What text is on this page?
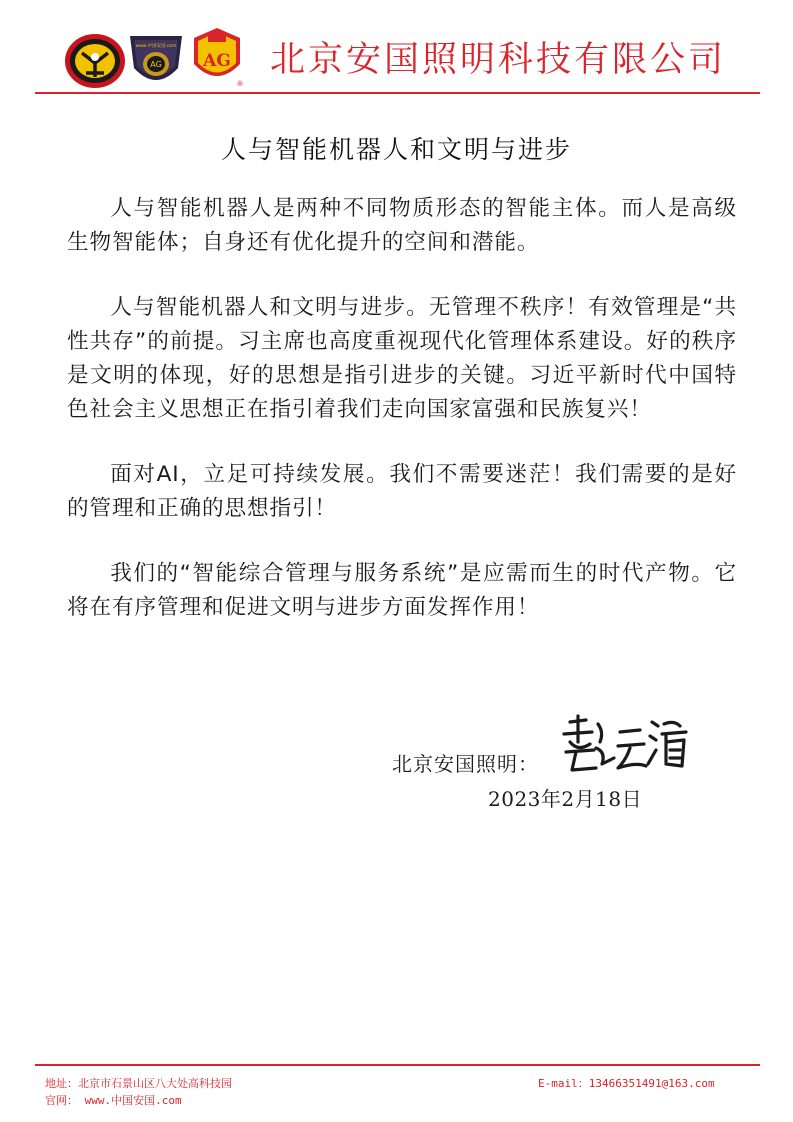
www.中国安国.com
AG AG
®
北京安国照明科技有限公司
人与智能机器人和文明与进步

人与智能机器人是两种不同物质形态的智能主体。而人是高级生物智能体；自身还有优化提升的空间和潜能。

人与智能机器人和文明与进步。无管理不秩序！有效管理是“共性共存”的前提。习主席也高度重视现代化管理体系建设。好的秩序是文明的体现，好的思想是指引进步的关键。习近平新时代中国特色社会主义思想正在指引着我们走向国家富强和民族复兴！

面对AI，立足可持续发展。我们不需要迷茫！我们需要的是好的管理和正确的思想指引！

我们的“智能综合管理与服务系统”是应需而生的时代产物。它将在有序管理和促进文明与进步方面发挥作用！

北京安国照明：
2023年2月18日
地址：北京市石景山区八大处高科技园
官网： www.中国安国.com
E-mail：13466351491@163.com
